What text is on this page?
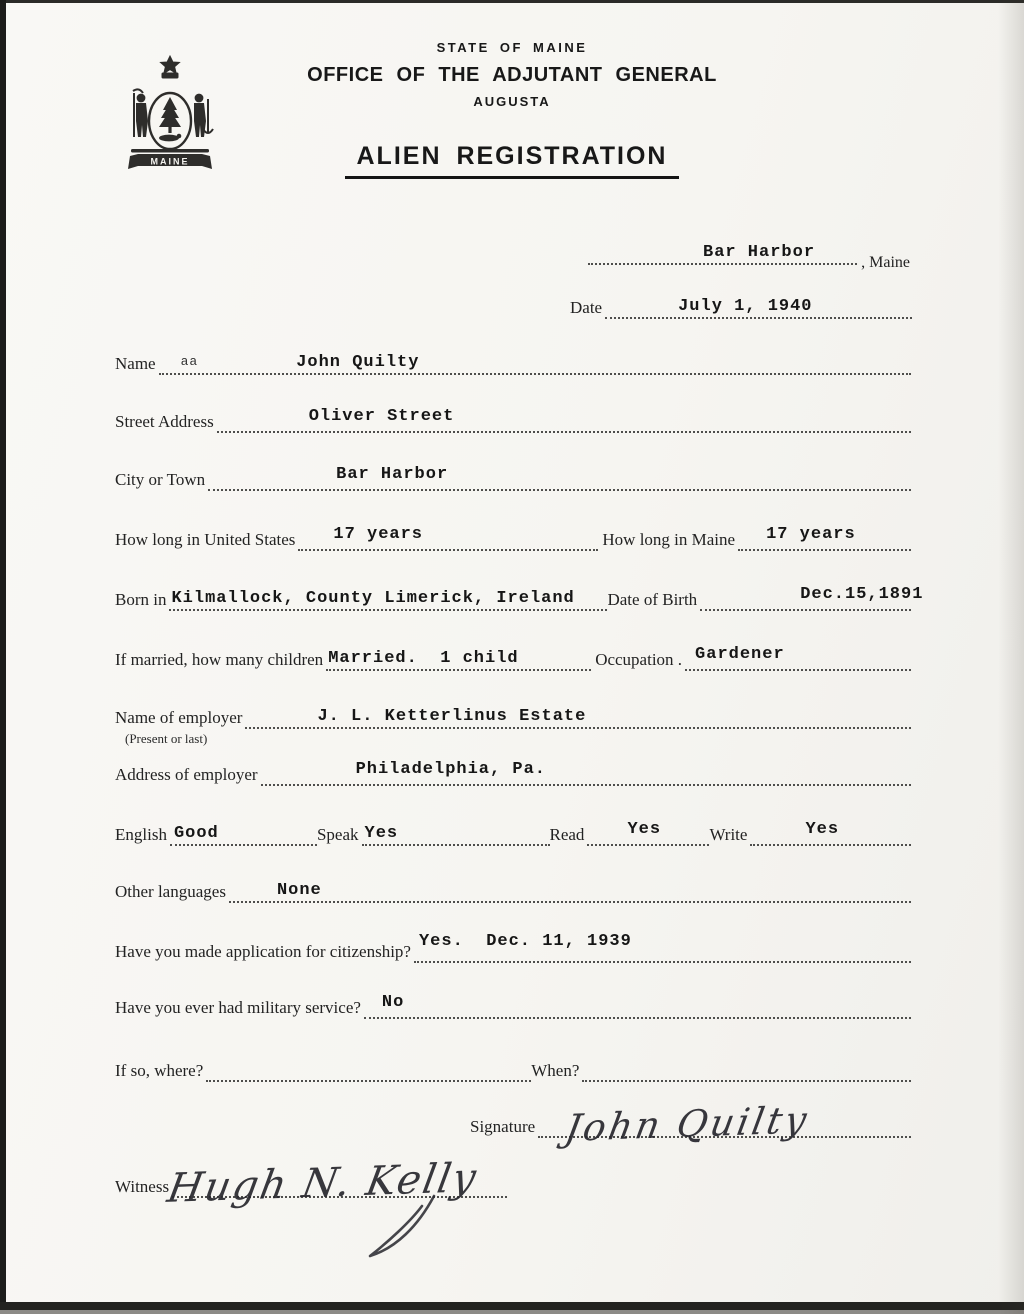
MAINE
STATE OF MAINE
OFFICE OF THE ADJUTANT GENERAL
AUGUSTA
ALIEN REGISTRATION
Bar Harbor
, Maine
Date	July 1, 1940
Name aa	John Quilty
Street Address	Oliver Street
City or Town	Bar Harbor
How long in United States 17 years	How long in Maine 17 years
Born in Kilmallock, County Limerick, Ireland Date of Birth	Dec.15,1891
If married, how many children Married.  1 child	Occupation . Gardener
Name of employer
(Present or last)
J. L. Ketterlinus Estate
Address of employer	Philadelphia, Pa.
English Good	Speak Yes	Read	Yes	Write	Yes
Other languages	None
Have you made application for citizenship?
Yes.  Dec. 11, 1939
Have you ever had military service? No
If so, where?	When?
Signature John Quilty
Witness
Hugh N. Kelly
